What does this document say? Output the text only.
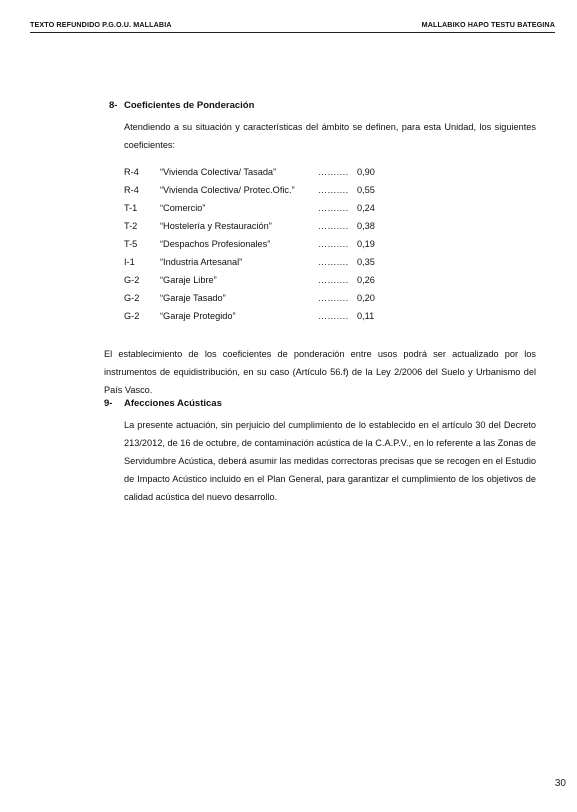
TEXTO REFUNDIDO P.G.O.U. MALLABIA	MALLABIKO HAPO TESTU BATEGINA
8- Coeficientes de Ponderación
Atendiendo a su situación y características del ámbito se definen, para esta Unidad, los siguientes coeficientes:
R-4 “Vivienda Colectiva/ Tasada”	………. 0,90
R-4 “Vivienda Colectiva/ Protec.Ofic.”	………. 0,55
T-1 “Comercio”	………. 0,24
T-2 “Hostelería y Restauración”	………. 0,38
T-5 “Despachos Profesionales”	………. 0,19
I-1	“Industria Artesanal”	………. 0,35
G-2 “Garaje Libre”	………. 0,26
G-2 “Garaje Tasado”	………. 0,20
G-2 “Garaje Protegido”	………. 0,11
El establecimiento de los coeficientes de ponderación entre usos podrá ser actualizado por los instrumentos de equidistribución, en su caso (Artículo 56.f) de la Ley 2/2006 del Suelo y Urbanismo del País Vasco.
9- Afecciones Acústicas
La presente actuación, sin perjuicio del cumplimiento de lo establecido en el artículo 30 del Decreto 213/2012, de 16 de octubre, de contaminación acústica de la C.A.P.V., en lo referente a las Zonas de Servidumbre Acústica, deberá asumir las medidas correctoras precisas que se recogen en el Estudio de Impacto Acústico incluido en el Plan General, para garantizar el cumplimiento de los objetivos de calidad acústica del nuevo desarrollo.
30
